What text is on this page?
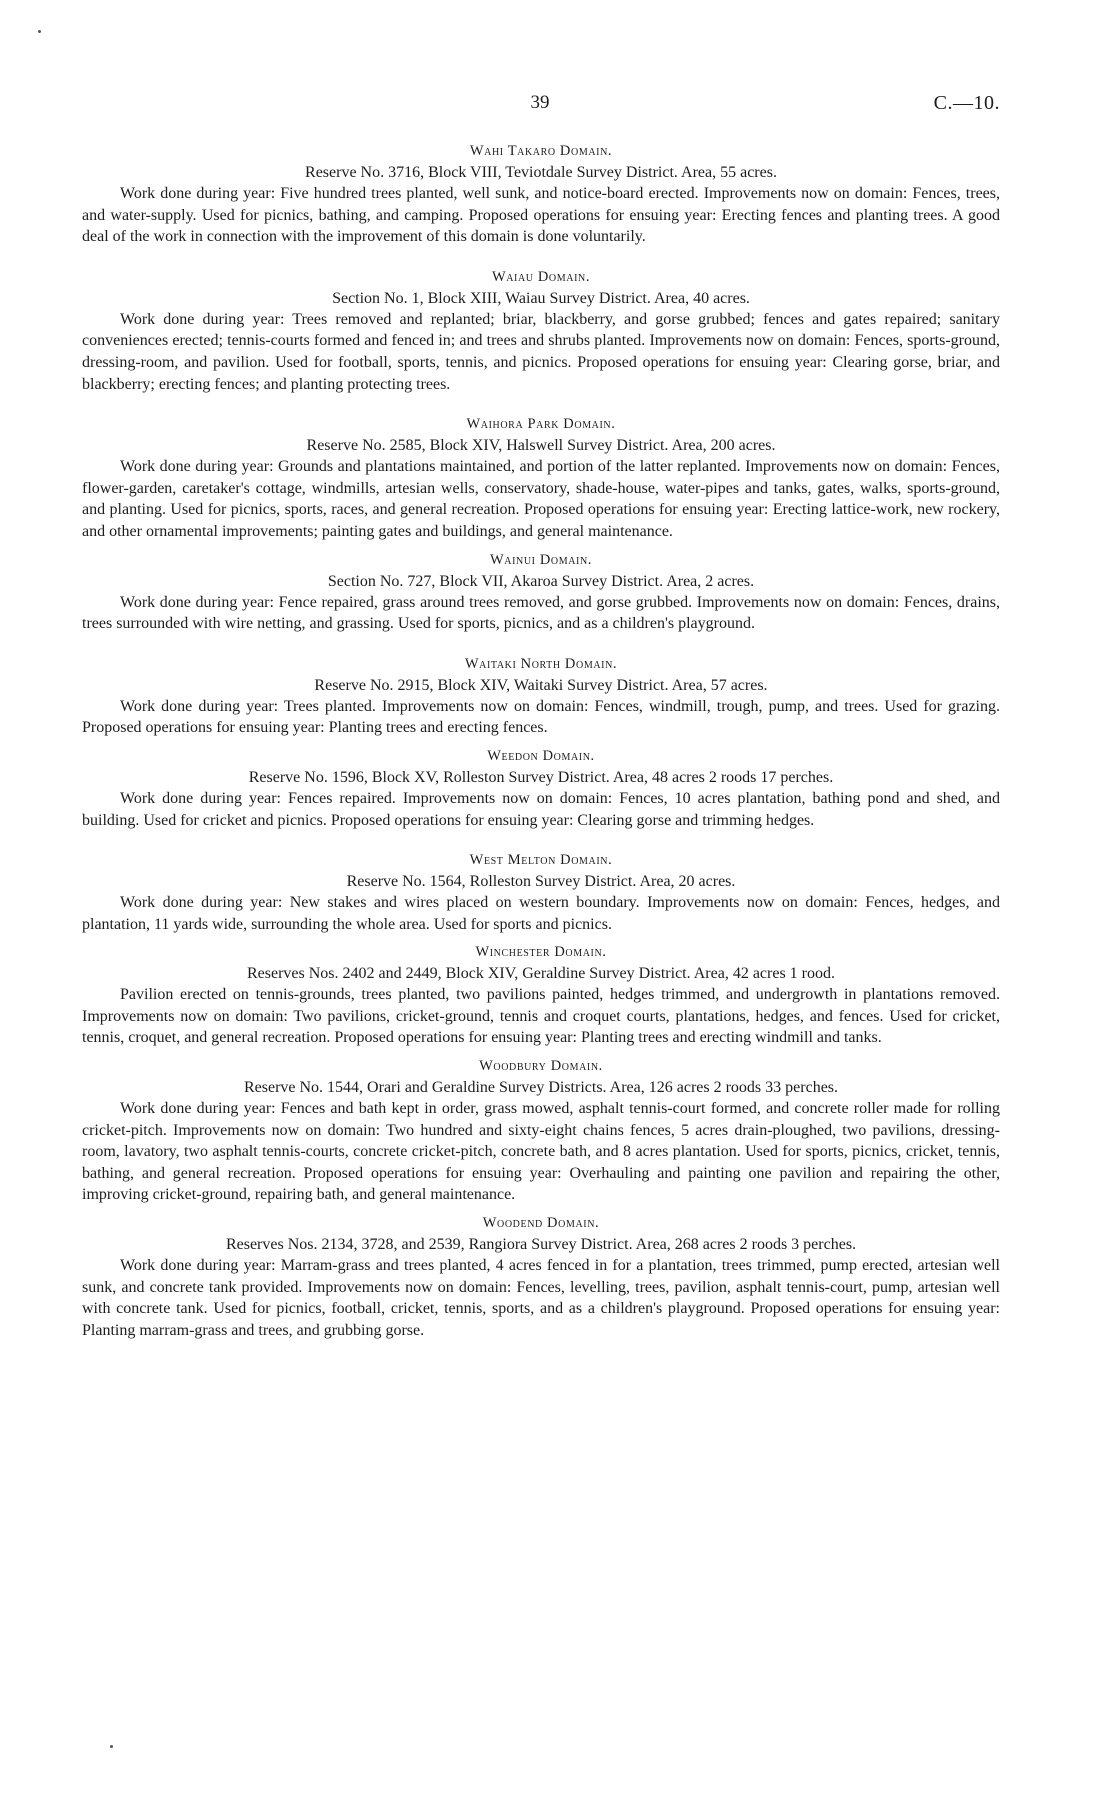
39	C.—10.

Wahi Takaro Domain.

Reserve No. 3716, Block VIII, Teviotdale Survey District. Area, 55 acres.

Work done during year: Five hundred trees planted, well sunk, and notice-board erected. Improvements now on domain: Fences, trees, and water-supply. Used for picnics, bathing, and camping. Proposed operations for ensuing year: Erecting fences and planting trees. A good deal of the work in connection with the improvement of this domain is done voluntarily.

Waiau Domain.

Section No. 1, Block XIII, Waiau Survey District. Area, 40 acres.

Work done during year: Trees removed and replanted; briar, blackberry, and gorse grubbed; fences and gates repaired; sanitary conveniences erected; tennis-courts formed and fenced in; and trees and shrubs planted. Improvements now on domain: Fences, sports-ground, dressing-room, and pavilion. Used for football, sports, tennis, and picnics. Proposed operations for ensuing year: Clearing gorse, briar, and blackberry; erecting fences; and planting protecting trees.

Waihora Park Domain.

Reserve No. 2585, Block XIV, Halswell Survey District. Area, 200 acres.

Work done during year: Grounds and plantations maintained, and portion of the latter replanted. Improvements now on domain: Fences, flower-garden, caretaker's cottage, windmills, artesian wells, conservatory, shade-house, water-pipes and tanks, gates, walks, sports-ground, and planting. Used for picnics, sports, races, and general recreation. Proposed operations for ensuing year: Erecting lattice-work, new rockery, and other ornamental improvements; painting gates and buildings, and general maintenance.

Wainui Domain.

Section No. 727, Block VII, Akaroa Survey District. Area, 2 acres.

Work done during year: Fence repaired, grass around trees removed, and gorse grubbed. Improvements now on domain: Fences, drains, trees surrounded with wire netting, and grassing. Used for sports, picnics, and as a children's playground.

Waitaki North Domain.

Reserve No. 2915, Block XIV, Waitaki Survey District. Area, 57 acres.

Work done during year: Trees planted. Improvements now on domain: Fences, windmill, trough, pump, and trees. Used for grazing. Proposed operations for ensuing year: Planting trees and erecting fences.

Weedon Domain.

Reserve No. 1596, Block XV, Rolleston Survey District. Area, 48 acres 2 roods 17 perches.

Work done during year: Fences repaired. Improvements now on domain: Fences, 10 acres plantation, bathing pond and shed, and building. Used for cricket and picnics. Proposed operations for ensuing year: Clearing gorse and trimming hedges.

West Melton Domain.

Reserve No. 1564, Rolleston Survey District. Area, 20 acres.

Work done during year: New stakes and wires placed on western boundary. Improvements now on domain: Fences, hedges, and plantation, 11 yards wide, surrounding the whole area. Used for sports and picnics.

Winchester Domain.

Reserves Nos. 2402 and 2449, Block XIV, Geraldine Survey District. Area, 42 acres 1 rood.

Pavilion erected on tennis-grounds, trees planted, two pavilions painted, hedges trimmed, and undergrowth in plantations removed. Improvements now on domain: Two pavilions, cricket-ground, tennis and croquet courts, plantations, hedges, and fences. Used for cricket, tennis, croquet, and general recreation. Proposed operations for ensuing year: Planting trees and erecting windmill and tanks.

Woodbury Domain.

Reserve No. 1544, Orari and Geraldine Survey Districts. Area, 126 acres 2 roods 33 perches.

Work done during year: Fences and bath kept in order, grass mowed, asphalt tennis-court formed, and concrete roller made for rolling cricket-pitch. Improvements now on domain: Two hundred and sixty-eight chains fences, 5 acres drain-ploughed, two pavilions, dressing-room, lavatory, two asphalt tennis-courts, concrete cricket-pitch, concrete bath, and 8 acres plantation. Used for sports, picnics, cricket, tennis, bathing, and general recreation. Proposed operations for ensuing year: Overhauling and painting one pavilion and repairing the other, improving cricket-ground, repairing bath, and general maintenance.

Woodend Domain.

Reserves Nos. 2134, 3728, and 2539, Rangiora Survey District. Area, 268 acres 2 roods 3 perches.

Work done during year: Marram-grass and trees planted, 4 acres fenced in for a plantation, trees trimmed, pump erected, artesian well sunk, and concrete tank provided. Improvements now on domain: Fences, levelling, trees, pavilion, asphalt tennis-court, pump, artesian well with concrete tank. Used for picnics, football, cricket, tennis, sports, and as a children's playground. Proposed operations for ensuing year: Planting marram-grass and trees, and grubbing gorse.
